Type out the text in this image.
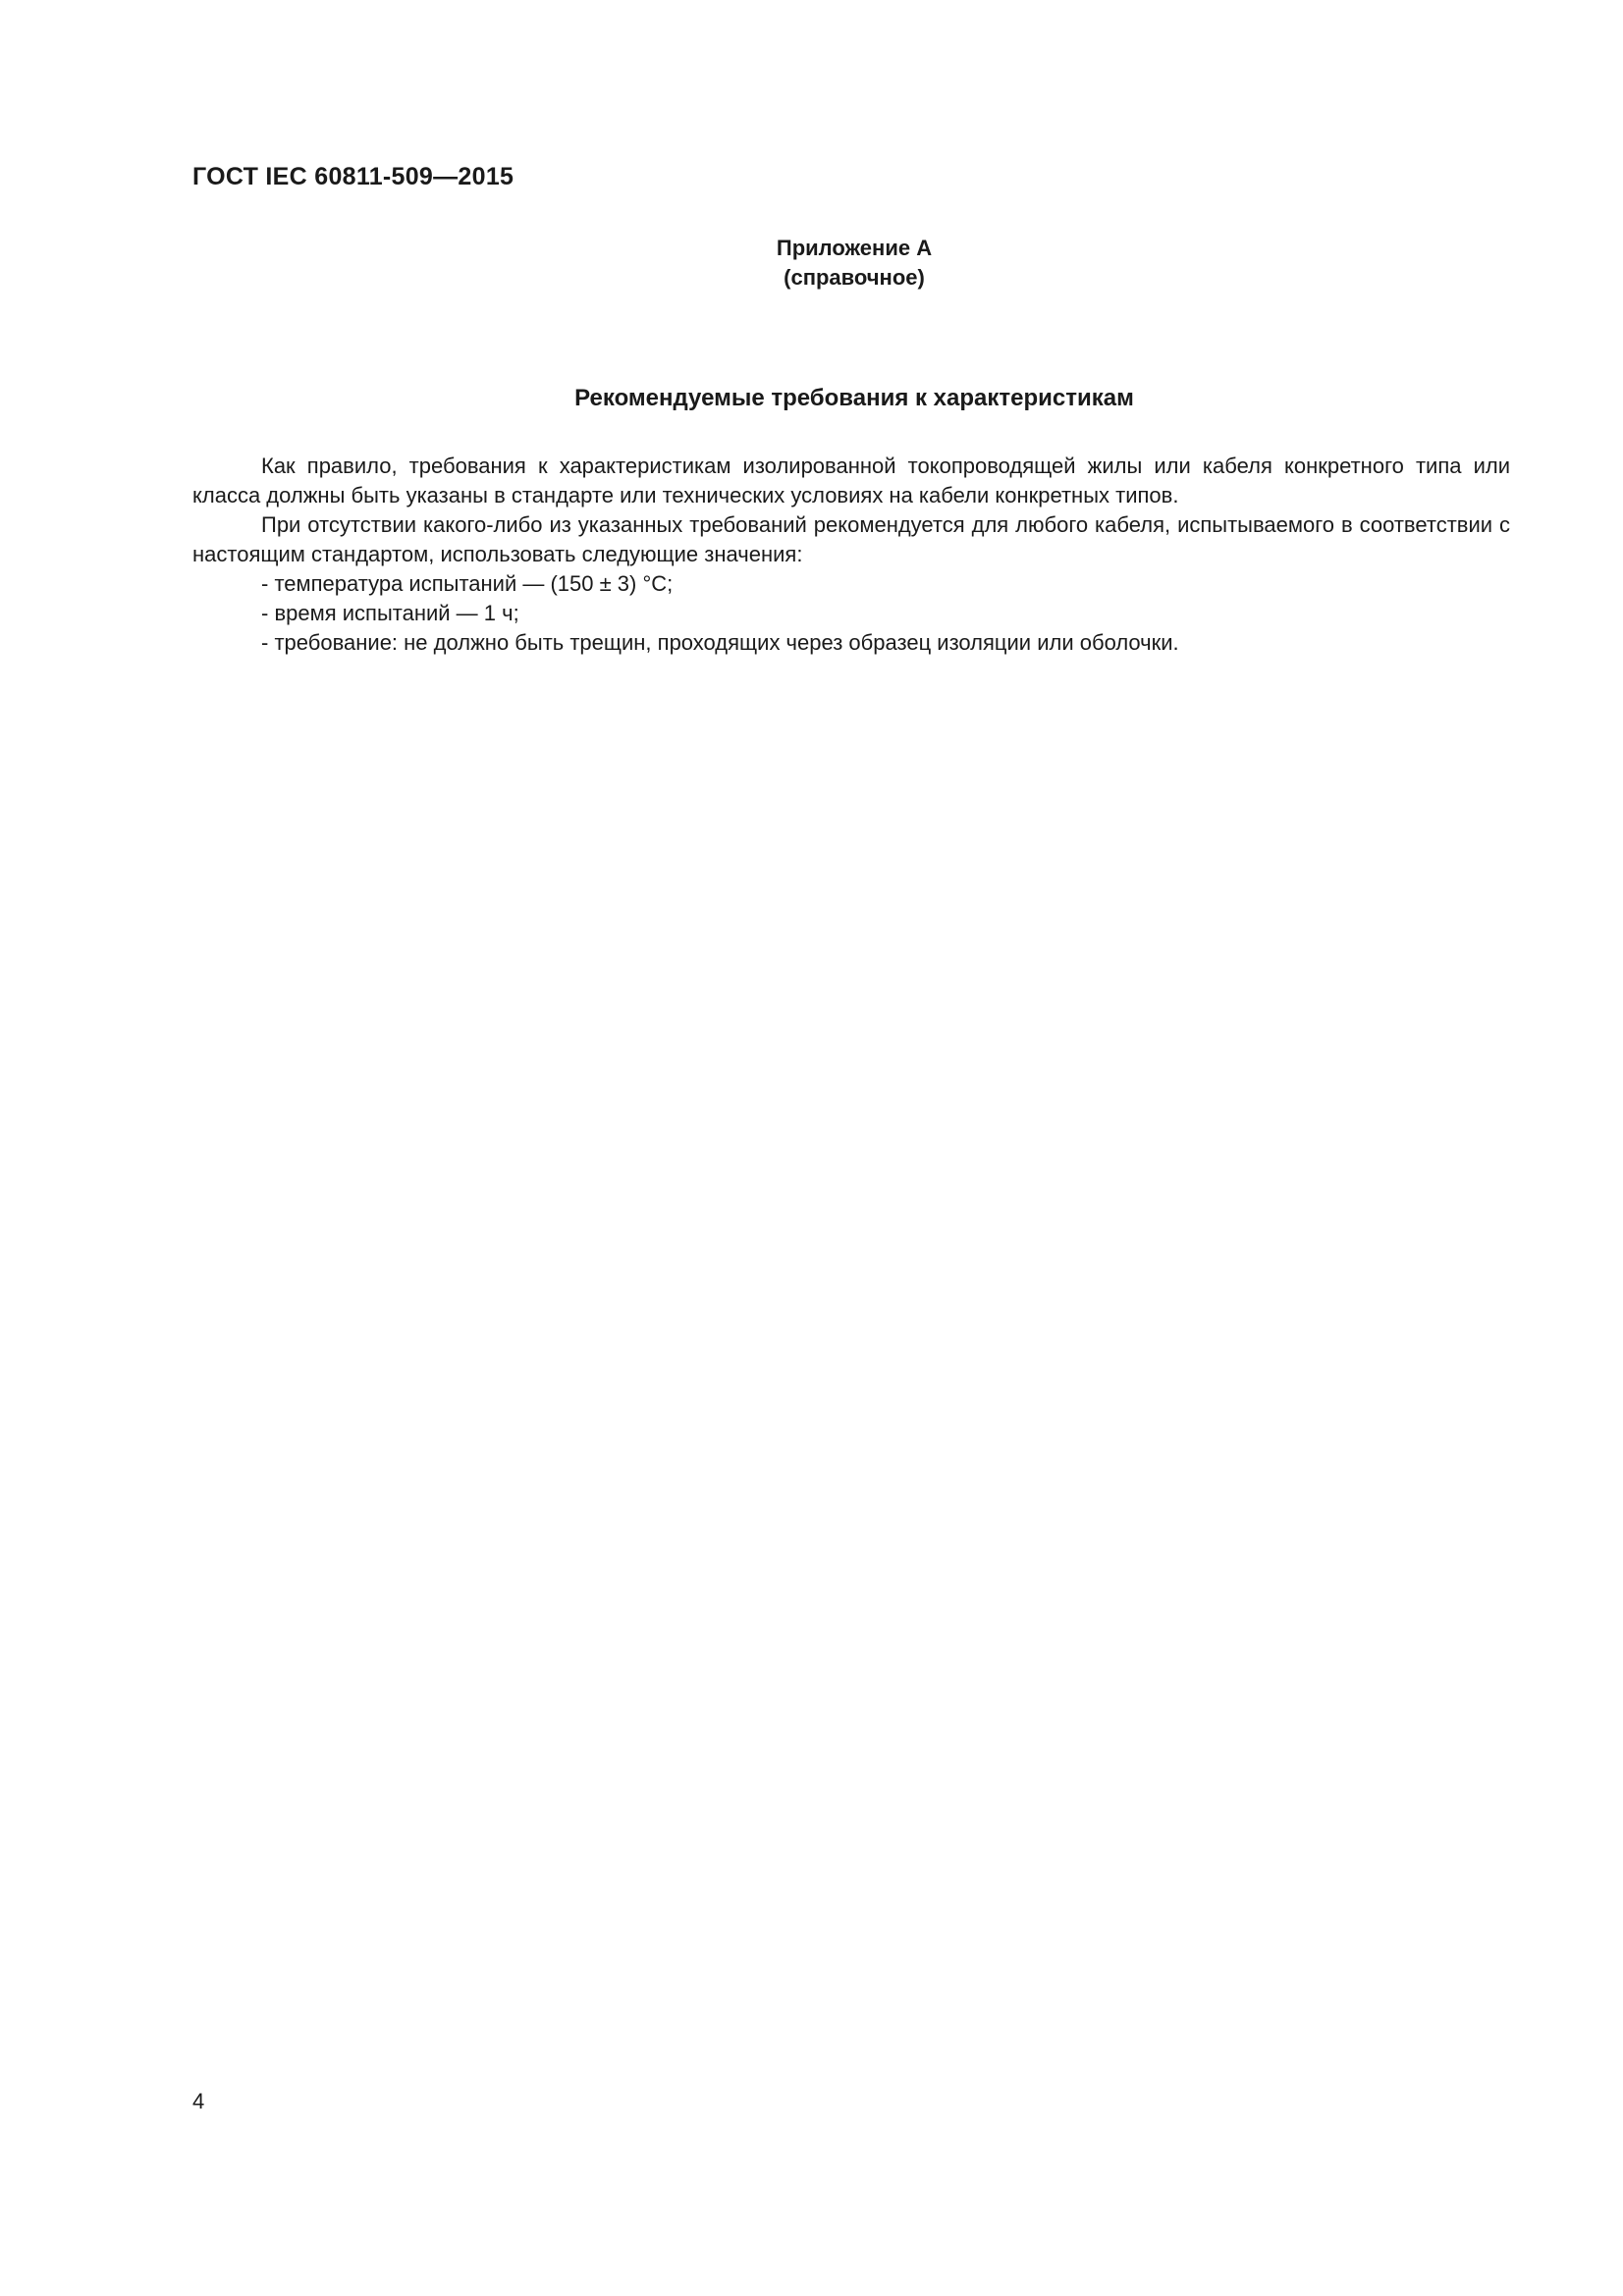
ГОСТ IEC 60811-509—2015
Приложение А
(справочное)
Рекомендуемые требования к характеристикам

Как правило, требования к характеристикам изолированной токопроводящей жилы или кабеля конкретного типа или класса должны быть указаны в стандарте или технических условиях на кабели конкретных типов.

При отсутствии какого-либо из указанных требований рекомендуется для любого кабеля, испытываемого в соответствии с настоящим стандартом, использовать следующие значения:

- температура испытаний — (150 ± 3) °С;

- время испытаний — 1 ч;

- требование: не должно быть трещин, проходящих через образец изоляции или оболочки.

4
